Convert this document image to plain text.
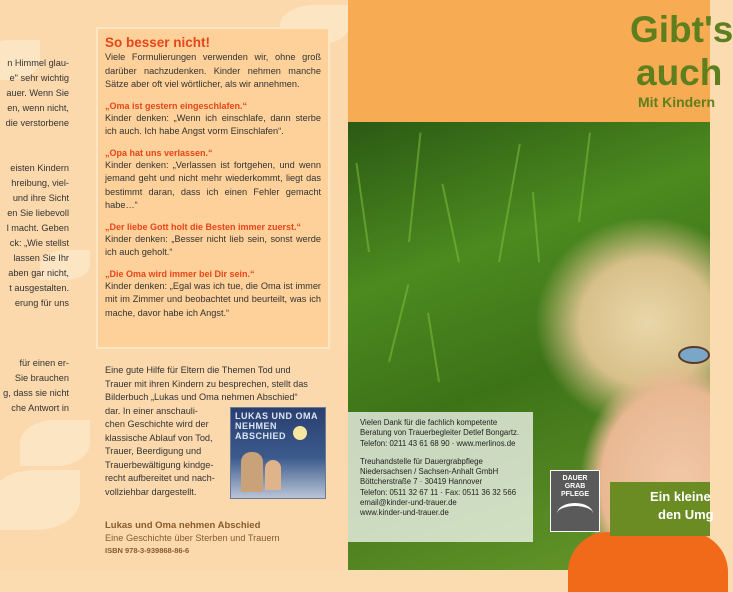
n Himmel glau-
e" sehr wichtig
auer. Wenn Sie
en, wenn nicht,
die verstorbene
eisten Kindern
hreibung, viel-
und ihre Sicht
en Sie liebevoll
l macht. Geben
ck: „Wie stellst
lassen Sie Ihr
aben gar nicht,
t ausgestalten.
erung für uns
für einen er-
Sie brauchen
g, dass sie nicht
che Antwort in
So besser nicht!

Viele Formulierungen verwenden wir, ohne groß darüber nachzudenken. Kinder nehmen manche Sätze aber oft viel wörtlicher, als wir annehmen.

„Oma ist gestern eingeschlafen.“

Kinder denken: „Wenn ich einschlafe, dann sterbe ich auch. Ich habe Angst vorm Einschlafen“.

„Opa hat uns verlassen.“

Kinder denken: „Verlassen ist fortgehen, und wenn jemand geht und nicht mehr wiederkommt, liegt das bestimmt daran, dass ich einen Fehler gemacht habe…“

„Der liebe Gott holt die Besten immer zuerst.“

Kinder denken: „Besser nicht lieb sein, sonst werde ich auch geholt.“

„Die Oma wird immer bei Dir sein.“

Kinder denken: „Egal was ich tue, die Oma ist immer mit im Zimmer und beobachtet und beurteilt, was ich mache, davor habe ich Angst.“

Eine gute Hilfe für Eltern die Themen Tod und
Trauer mit ihren Kindern zu besprechen, stellt das
Bilderbuch „Lukas und Oma nehmen Abschied“
dar. In einer anschauli-
chen Geschichte wird der
klassische Ablauf von Tod,
Trauer, Beerdigung und
Trauerbewältigung kindge-
recht aufbereitet und nach-
vollziehbar dargestellt.
LUKAS UND OMA
NEHMEN
ABSCHIED
Lukas und Oma nehmen Abschied
Eine Geschichte über Sterben und Trauern
ISBN 978-3-939868-86-6
Gibt's
auch
Mit Kindern
Vielen Dank für die fachlich kompetente
Beratung von Trauerbegleiter Detlef Bongartz.
Telefon: 0211 43 61 68 90 · www.merlinos.de
Treuhandstelle für Dauergrabpflege
Niedersachsen / Sachsen-Anhalt GmbH
Böttcherstraße 7 · 30419 Hannover
Telefon: 0511 32 67 11 · Fax: 0511 36 32 566
email@kinder-und-trauer.de
www.kinder-und-trauer.de
DAUER
GRAB
PFLEGE	Ein kleine
den Umg
